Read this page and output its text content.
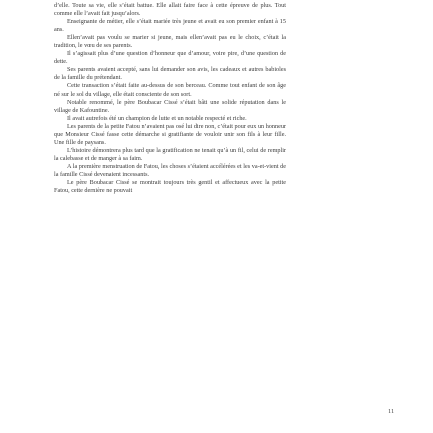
d’elle. Toute sa vie, elle s’était battue. Elle allait faire face à cette épreuve de plus. Tout comme elle l’avait fait jusqu’alors.

Enseignante de métier, elle s’était mariée très jeune et avait eu son premier enfant à 15 ans.

Ellen’avait pas voulu se marier si jeune, mais ellen’avait pas eu le choix, c’était la tradition, le vœu de ses parents.

Il s’agissait plus d’une question d’honneur que d’amour, voire pire, d’une question de dette.

Ses parents avaient accepté, sans lui demander son avis, les cadeaux et autres babioles de la famille du prétendant.

Cette transaction s’était faite au-dessus de son berceau. Comme tout enfant de son âge né sur le sol du village, elle était consciente de son sort.

Notable renommé, le père Boubacar Cissé s’était bâti une solide réputation dans le village de Kafountine.

Il avait autrefois été un champion de lutte et un notable respecté et riche.

Les parents de la petite Fatou n’avaient pas osé lui dire non, c’était pour eux un honneur que Monsieur Cissé fasse cette démarche si gratifiante de vouloir unir son fils à leur fille. Une fille de paysans.

L’histoire démontrera plus tard que la gratification ne tenait qu’à un fil, celui de remplir la calebasse et de manger à sa faim.

A la première menstruation de Fatou, les choses s’étaient accélérées et les va-et-vient de la famille Cissé devenaient incessants.

Le père Boubacar Cissé se montrait toujours très gentil et affectueux avec la petite Fatou, cette dernière ne pouvait

11
